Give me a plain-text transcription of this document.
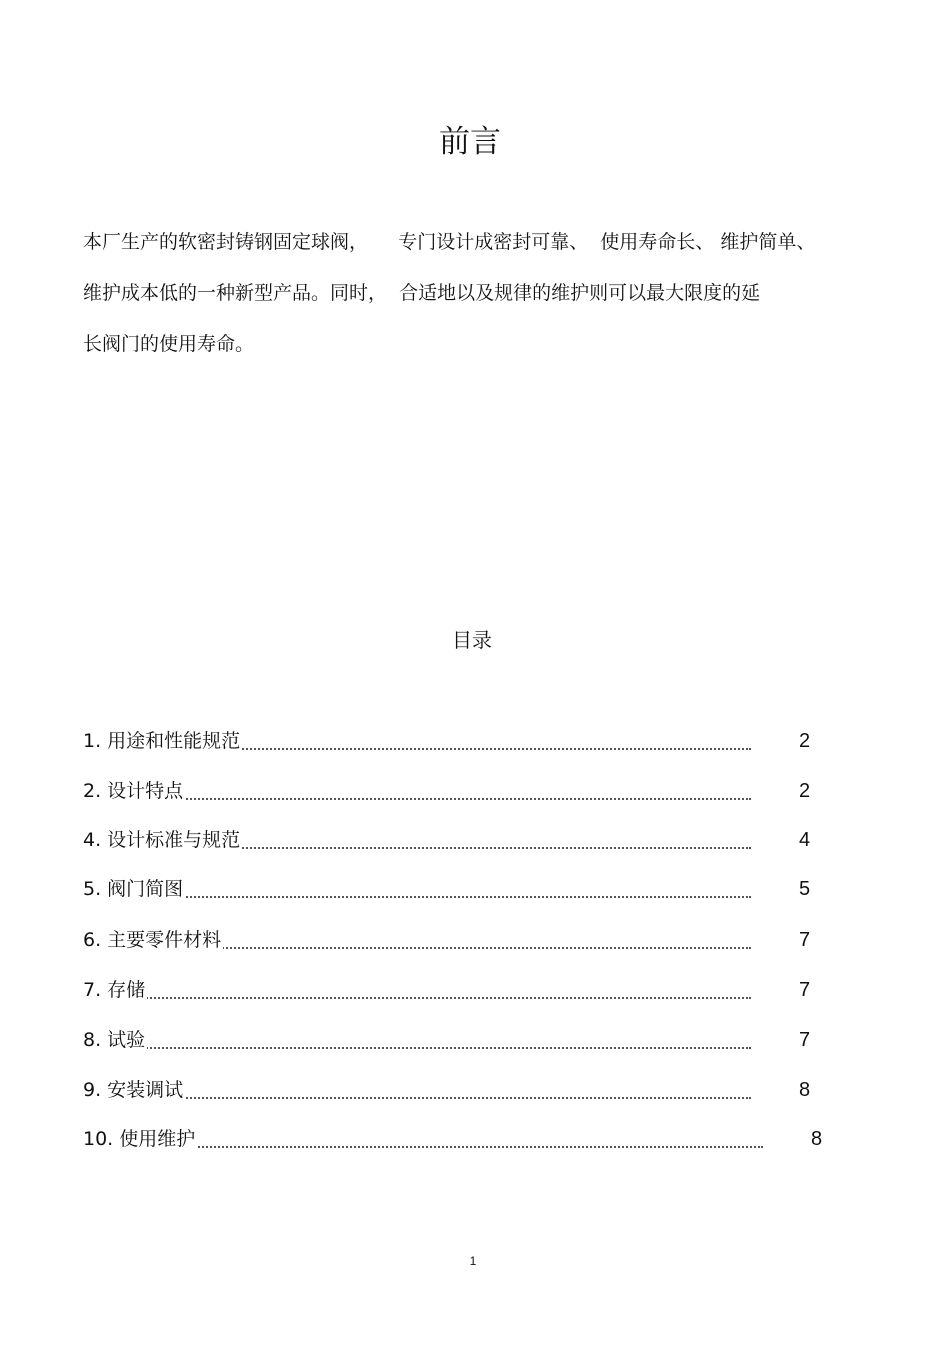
前言
本厂生产的软密封铸钢固定球阀，     专门设计成密封可靠、  使用寿命长、 维护简单、
维护成本低的一种新型产品。同时，  合适地以及规律的维护则可以最大限度的延
长阀门的使用寿命。
目录
1. 用途和性能规范	2
2. 设计特点	2
4. 设计标准与规范	4
5. 阀门简图	5
6. 主要零件材料	7
7. 存储	7
8. 试验	7
9. 安装调试	8
10. 使用维护	8
1
